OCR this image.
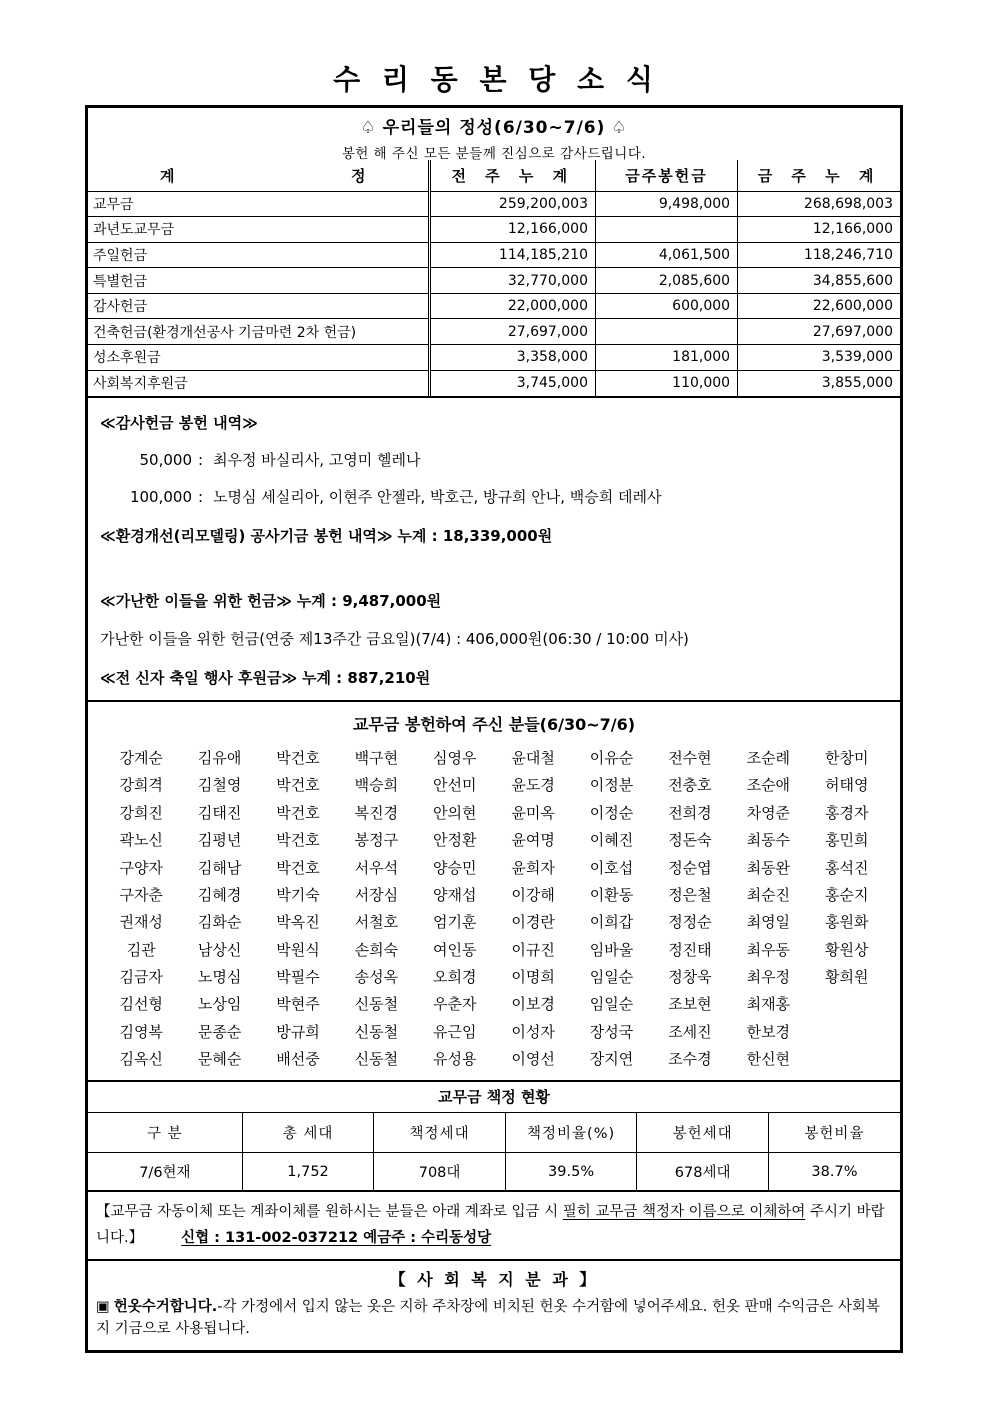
수 리 동 본 당 소 식
♤ 우리들의 정성(6/30~7/6) ♤
봉헌 해 주신 모든 분들께 진심으로 감사드립니다.
계 정	전 주 누 계	금주봉헌금	금 주 누 계
교무금	259,200,003	9,498,000	268,698,003
과년도교무금	12,166,000		12,166,000
주일헌금	114,185,210	4,061,500	118,246,710
특별헌금	32,770,000	2,085,600	34,855,600
감사헌금	22,000,000	600,000	22,600,000
건축헌금(환경개선공사 기금마련 2차 헌금)	27,697,000		27,697,000
성소후원금	3,358,000	181,000	3,539,000
사회복지후원금	3,745,000	110,000	3,855,000
≪감사헌금 봉헌 내역≫
50,000 : 최우정 바실리사, 고영미 헬레나
100,000 : 노명심 세실리아, 이현주 안젤라, 박호근, 방규희 안나, 백승희 데레사
≪환경개선(리모델링) 공사기금 봉헌 내역≫ 누계 : 18,339,000원
≪가난한 이들을 위한 헌금≫ 누계 : 9,487,000원
가난한 이들을 위한 헌금(연중 제13주간 금요일)(7/4) : 406,000원(06:30 / 10:00 미사)
≪전 신자 축일 행사 후원금≫ 누계 : 887,210원
교무금 봉헌하여 주신 분들(6/30~7/6)
강계순	김유애	박건호	백구현	심영우	윤대철	이유순	전수현	조순례	한창미
강희격	김철영	박건호	백승희	안선미	윤도경	이정분	전충호	조순애	허태영
강희진	김태진	박건호	복진경	안의현	윤미옥	이정순	전희경	차영준	홍경자
곽노신	김평년	박건호	봉정구	안정환	윤여명	이혜진	정돈숙	최동수	홍민희
구양자	김해남	박건호	서우석	양승민	윤희자	이호섭	정순엽	최동완	홍석진
구자춘	김혜경	박기숙	서장심	양재섭	이강해	이환동	정은철	최순진	홍순지
권재성	김화순	박옥진	서철호	엄기훈	이경란	이희갑	정정순	최영일	홍원화
김관	남상신	박원식	손희숙	여인동	이규진	임바울	정진태	최우동	황원상
김금자	노명심	박필수	송성옥	오희경	이명희	임일순	정창욱	최우정	황희원
김선형	노상임	박현주	신동철	우춘자	이보경	임일순	조보현	최재홍	
김영복	문종순	방규희	신동철	유근임	이성자	장성국	조세진	한보경	
김옥신	문혜순	배선중	신동철	유성용	이영선	장지연	조수경	한신현	
교무금 책정 현황
구 분	총 세대	책정세대	책정비율(%)	봉헌세대	봉헌비율
7/6현재	1,752	708대	39.5%	678세대	38.7%

【교무금 자동이체 또는 계좌이체를 원하시는 분들은 아래 계좌로 입금 시 필히 교무금 책정자 이름으로 이체하여 주시기 바랍니다.】	신협 : 131-002-037212 예금주 : 수리동성당

【 사 회 복 지 분 과 】

▣ 헌옷수거합니다.-각 가정에서 입지 않는 옷은 지하 주차장에 비치된 헌옷 수거함에 넣어주세요. 헌옷 판매 수익금은 사회복지 기금으로 사용됩니다.
